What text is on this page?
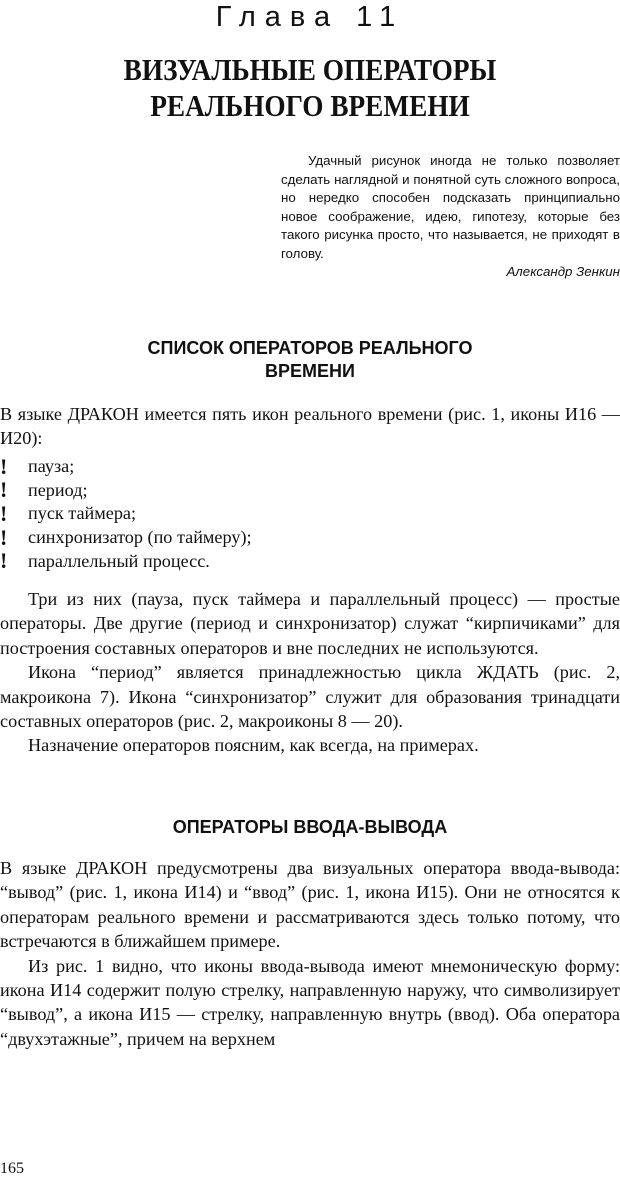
Глава 11
ВИЗУАЛЬНЫЕ ОПЕРАТОРЫ
РЕАЛЬНОГО ВРЕМЕНИ

Удачный рисунок иногда не только позволяет сделать наглядной и понятной суть сложного вопроса, но нередко способен подсказать принципиально новое соображение, идею, гипотезу, которые без такого рисунка просто, что называется, не приходят в голову.

Александр Зенкин

СПИСОК ОПЕРАТОРОВ РЕАЛЬНОГО
ВРЕМЕНИ

В языке ДРАКОН имеется пять икон реального времени (рис. 1, иконы И16 — И20):

!	пауза;
!	период;
!	пуск таймера;
!	синхронизатор (по таймеру);
!	параллельный процесс.

Три из них (пауза, пуск таймера и параллельный процесс) — простые операторы. Две другие (период и синхронизатор) служат “кирпичиками” для построения составных операторов и вне последних не используются.

Икона “период” является принадлежностью цикла ЖДАТЬ (рис. 2, макроикона 7). Икона “синхронизатор” служит для образования тринадцати составных операторов (рис. 2, макроиконы 8 — 20).

Назначение операторов поясним, как всегда, на примерах.

ОПЕРАТОРЫ ВВОДА-ВЫВОДА

В языке ДРАКОН предусмотрены два визуальных оператора ввода-вывода: “вывод” (рис. 1, икона И14) и “ввод” (рис. 1, икона И15). Они не относятся к операторам реального времени и рассматриваются здесь только потому, что встречаются в ближайшем примере.

Из рис. 1 видно, что иконы ввода-вывода имеют мнемоническую форму: икона И14 содержит полую стрелку, направленную наружу, что символизирует “вывод”, а икона И15 — стрелку, направленную внутрь (ввод). Оба оператора “двухэтажные”, причем на верхнем

165
